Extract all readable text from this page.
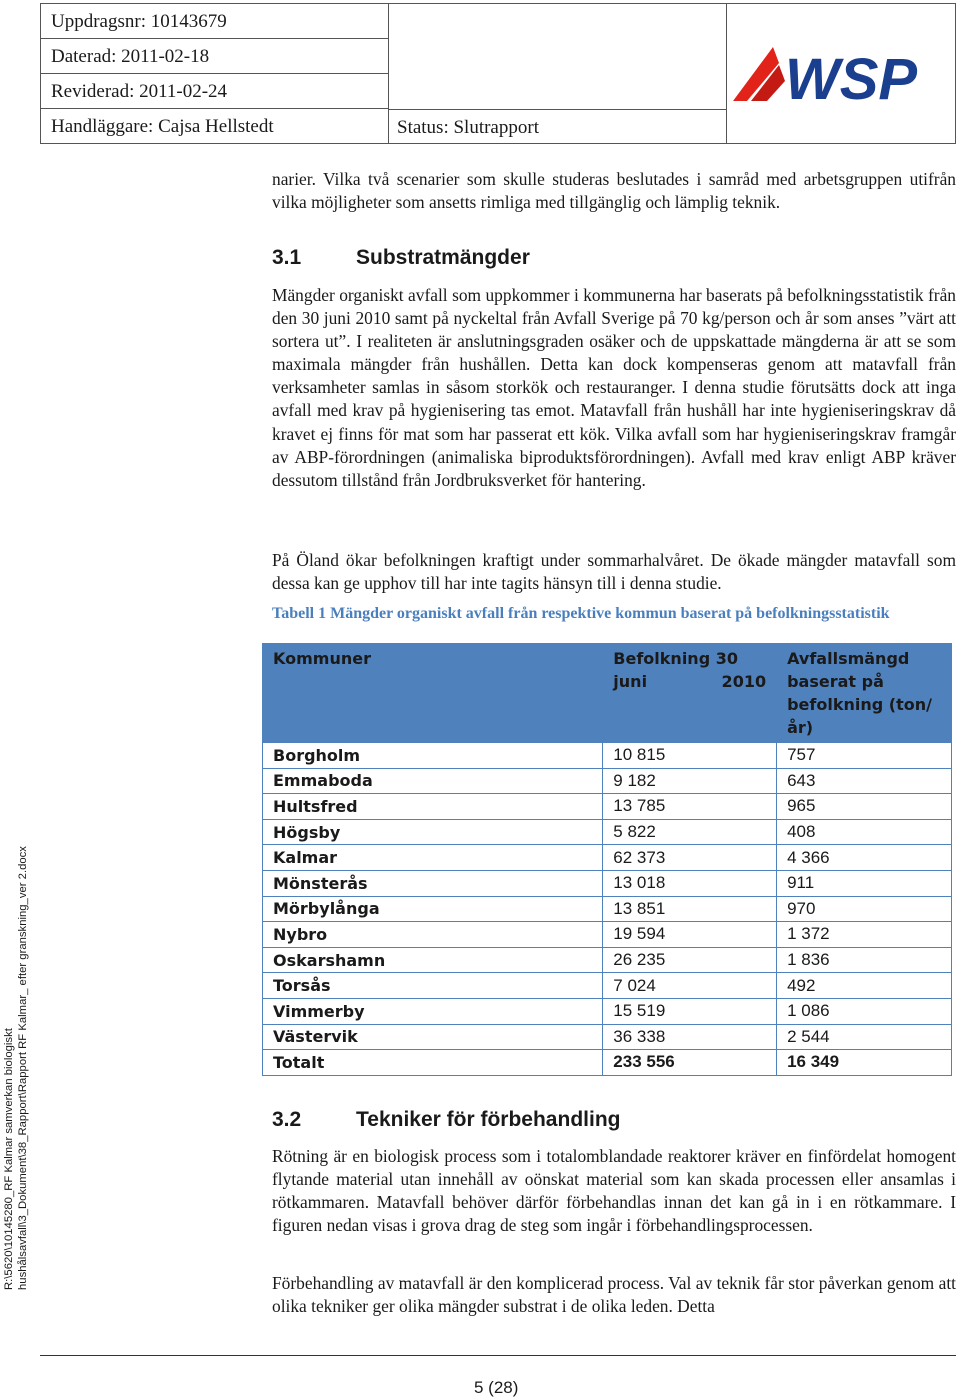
Uppdragsnr: 10143679
Daterad: 2011-02-18
Reviderad: 2011-02-24
Handläggare: Cajsa Hellstedt	Status: Slutrapport
WSP

narier. Vilka två scenarier som skulle studeras beslutades i samråd med arbetsgruppen utifrån vilka möjligheter som ansetts rimliga med tillgänglig och lämplig teknik.

3.1	Substratmängder

Mängder organiskt avfall som uppkommer i kommunerna har baserats på befolkningsstatistik från den 30 juni 2010 samt på nyckeltal från Avfall Sverige på 70 kg/person och år som anses ”värt att sortera ut”. I realiteten är anslutningsgraden osäker och de uppskattade mängderna är att se som maximala mängder från hushållen. Detta kan dock kompenseras genom att matavfall från verksamheter samlas in såsom storkök och restauranger. I denna studie förutsätts dock att inga avfall med krav på hygienisering tas emot. Matavfall från hushåll har inte hygieniseringskrav då kravet ej finns för mat som har passerat ett kök. Vilka avfall som har hygieniseringskrav framgår av ABP-förordningen (animaliska biproduktsförordningen). Avfall med krav enligt ABP kräver dessutom tillstånd från Jordbruksverket för hantering.

På Öland ökar befolkningen kraftigt under sommarhalvåret. De ökade mängder matavfall som dessa kan ge upphov till har inte tagits hänsyn till i denna studie.

Tabell 1 Mängder organiskt avfall från respektive kommun baserat på befolkningsstatistik

Kommuner	Befolkning 30 juni 2010	Avfallsmängd baserat på befolkning (ton/år)
Borgholm	10 815	757
Emmaboda	9 182	643
Hultsfred	13 785	965
Högsby	5 822	408
Kalmar	62 373	4 366
Mönsterås	13 018	911
Mörbylånga	13 851	970
Nybro	19 594	1 372
Oskarshamn	26 235	1 836
Torsås	7 024	492
Vimmerby	15 519	1 086
Västervik	36 338	2 544
Totalt	233 556	16 349
3.2	Tekniker för förbehandling

Rötning är en biologisk process som i totalomblandade reaktorer kräver en finfördelat homogent flytande material utan innehåll av oönskat material som kan skada processen eller ansamlas i rötkammaren. Matavfall behöver därför förbehandlas innan det kan gå in i en rötkammare. I figuren nedan visas i grova drag de steg som ingår i förbehandlingsprocessen.

Förbehandling av matavfall är den komplicerad process. Val av teknik får stor påverkan genom att olika tekniker ger olika mängder substrat i de olika leden. Detta

R:\5620\10145280_RF Kalmar samverkan biologiskt hushålsavfall\3_Dokument\38_Rapport\Rapport RF Kalmar_ efter granskning_ver 2.docx
5 (28)
